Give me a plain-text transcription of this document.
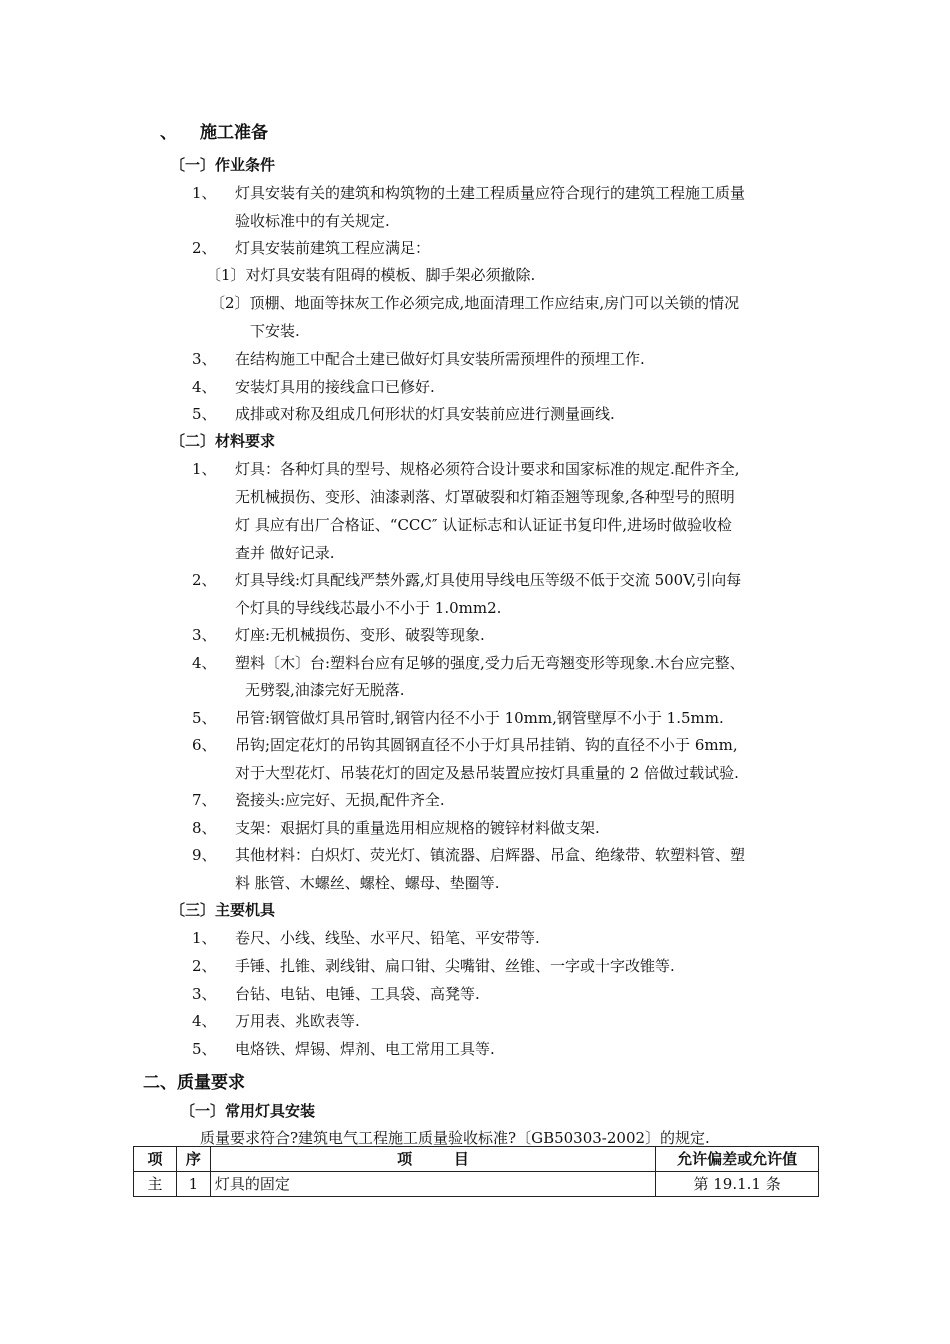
、 施工准备
〔一〕作业条件
1、 灯具安装有关的建筑和构筑物的土建工程质量应符合现行的建筑工程施工质量
验收标准中的有关规定.
2、 灯具安装前建筑工程应满足：
〔1〕对灯具安装有阻碍的模板、脚手架必须撤除.
〔2〕顶棚、地面等抹灰工作必须完成,地面清理工作应结束,房门可以关锁的情况
下安装.
3、 在结构施工中配合土建已做好灯具安装所需预埋件的预埋工作.
4、 安装灯具用的接线盒口已修好.
5、 成排或对称及组成几何形状的灯具安装前应进行测量画线.
〔二〕材料要求
1、 灯具：各种灯具的型号、规格必须符合设计要求和国家标准的规定.配件齐全,
无机械损伤、变形、油漆剥落、灯罩破裂和灯箱歪翘等现象,各种型号的照明
灯 具应有出厂合格证、“CCC″ 认证标志和认证证书复印件,进场时做验收检
查并 做好记录.
2、 灯具导线:灯具配线严禁外露,灯具使用导线电压等级不低于交流 500V,引向每
个灯具的导线线芯最小不小于 1.0mm2.
3、 灯座:无机械损伤、变形、破裂等现象.
4、 塑料〔木〕台:塑料台应有足够的强度,受力后无弯翘变形等现象.木台应完整、
无劈裂,油漆完好无脱落.
5、 吊管:钢管做灯具吊管时,钢管内径不小于 10mm,钢管壁厚不小于 1.5mm.
6、 吊钩;固定花灯的吊钩其圆钢直径不小于灯具吊挂销、钩的直径不小于 6mm,
对于大型花灯、吊装花灯的固定及悬吊装置应按灯具重量的 2 倍做过载试验.
7、 瓷接头:应完好、无损,配件齐全.
8、 支架：艰据灯具的重量选用相应规格的镀锌材料做支架.
9、 其他材料：白炽灯、荧光灯、镇流器、启辉器、吊盒、绝缘带、软塑料管、塑
料 胀管、木螺丝、螺栓、螺母、垫圈等.
〔三〕主要机具
1、 卷尺、小线、线坠、水平尺、铅笔、平安带等.
2、 手锤、扎锥、剥线钳、扁口钳、尖嘴钳、丝锥、一字或十字改锥等.
3、 台钻、电钻、电锤、工具袋、高凳等.
4、 万用表、兆欧表等.
5、 电烙铁、焊锡、焊剂、电工常用工具等.
二、质量要求
〔一〕常用灯具安装
质量要求符合?建筑电气工程施工质量验收标准?〔GB50303-2002〕的规定.
项	序	项        目	允许偏差或允许值
主	1	灯具的固定	第 19.1.1 条
